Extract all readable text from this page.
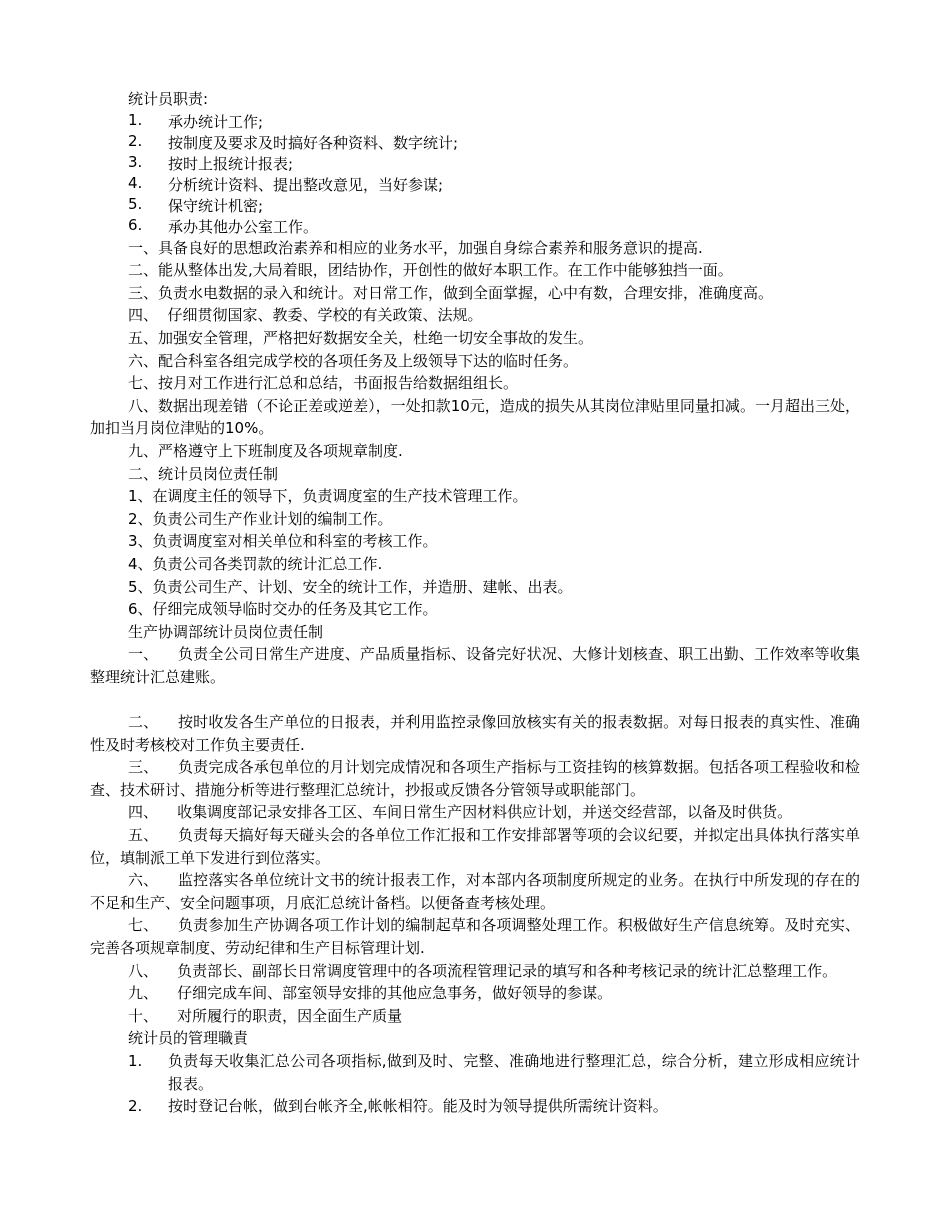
统计员职责:
1.	承办统计工作;
2.	按制度及要求及时搞好各种资料、数字统计;
3.	按时上报统计报表;
4.	分析统计资料、提出整改意见，当好参谋;
5.	保守统计机密;
6.	承办其他办公室工作。
一、具备良好的思想政治素养和相应的业务水平，加强自身综合素养和服务意识的提高.
二、能从整体出发,大局着眼，团结协作，开创性的做好本职工作。在工作中能够独挡一面。
三、负责水电数据的录入和统计。对日常工作，做到全面掌握，心中有数，合理安排，准确度高。
四、  仔细贯彻国家、教委、学校的有关政策、法规。
五、加强安全管理，严格把好数据安全关，杜绝一切安全事故的发生。
六、配合科室各组完成学校的各项任务及上级领导下达的临时任务。
七、按月对工作进行汇总和总结，书面报告给数据组组长。
八、数据出现差错（不论正差或逆差），一处扣款10元，造成的损失从其岗位津贴里同量扣减。一月超出三处，加扣当月岗位津贴的10%。
九、严格遵守上下班制度及各项规章制度.
二、统计员岗位责任制
1、在调度主任的领导下，负责调度室的生产技术管理工作。
2、负责公司生产作业计划的编制工作。
3、负责调度室对相关单位和科室的考核工作。
4、负责公司各类罚款的统计汇总工作.
5、负责公司生产、计划、安全的统计工作，并造册、建帐、出表。
6、仔细完成领导临时交办的任务及其它工作。
生产协调部统计员岗位责任制
一、    负责全公司日常生产进度、产品质量指标、设备完好状况、大修计划核查、职工出勤、工作效率等收集整理统计汇总建账。
二、    按时收发各生产单位的日报表，并利用监控录像回放核实有关的报表数据。对每日报表的真实性、准确性及时考核校对工作负主要责任.
三、    负责完成各承包单位的月计划完成情况和各项生产指标与工资挂钩的核算数据。包括各项工程验收和检查、技术研讨、措施分析等进行整理汇总统计，抄报或反馈各分管领导或职能部门。
四、    收集调度部记录安排各工区、车间日常生产因材料供应计划，并送交经营部，以备及时供货。
五、    负责每天搞好每天碰头会的各单位工作汇报和工作安排部署等项的会议纪要，并拟定出具体执行落实单位，填制派工单下发进行到位落实。
六、    监控落实各单位统计文书的统计报表工作，对本部内各项制度所规定的业务。在执行中所发现的存在的不足和生产、安全问题事项，月底汇总统计备档。以便备查考核处理。
七、    负责参加生产协调各项工作计划的编制起草和各项调整处理工作。积极做好生产信息统筹。及时充实、完善各项规章制度、劳动纪律和生产目标管理计划.
八、    负责部长、副部长日常调度管理中的各项流程管理记录的填写和各种考核记录的统计汇总整理工作。
九、    仔细完成车间、部室领导安排的其他应急事务，做好领导的参谋。
十、    对所履行的职责，因全面生产质量
统计员的管理職責
1.	负责每天收集汇总公司各项指标,做到及时、完整、准确地进行整理汇总，综合分析，建立形成相应统计报表。
2.	按时登记台帐，做到台帐齐全,帐帐相符。能及时为领导提供所需统计资料。
